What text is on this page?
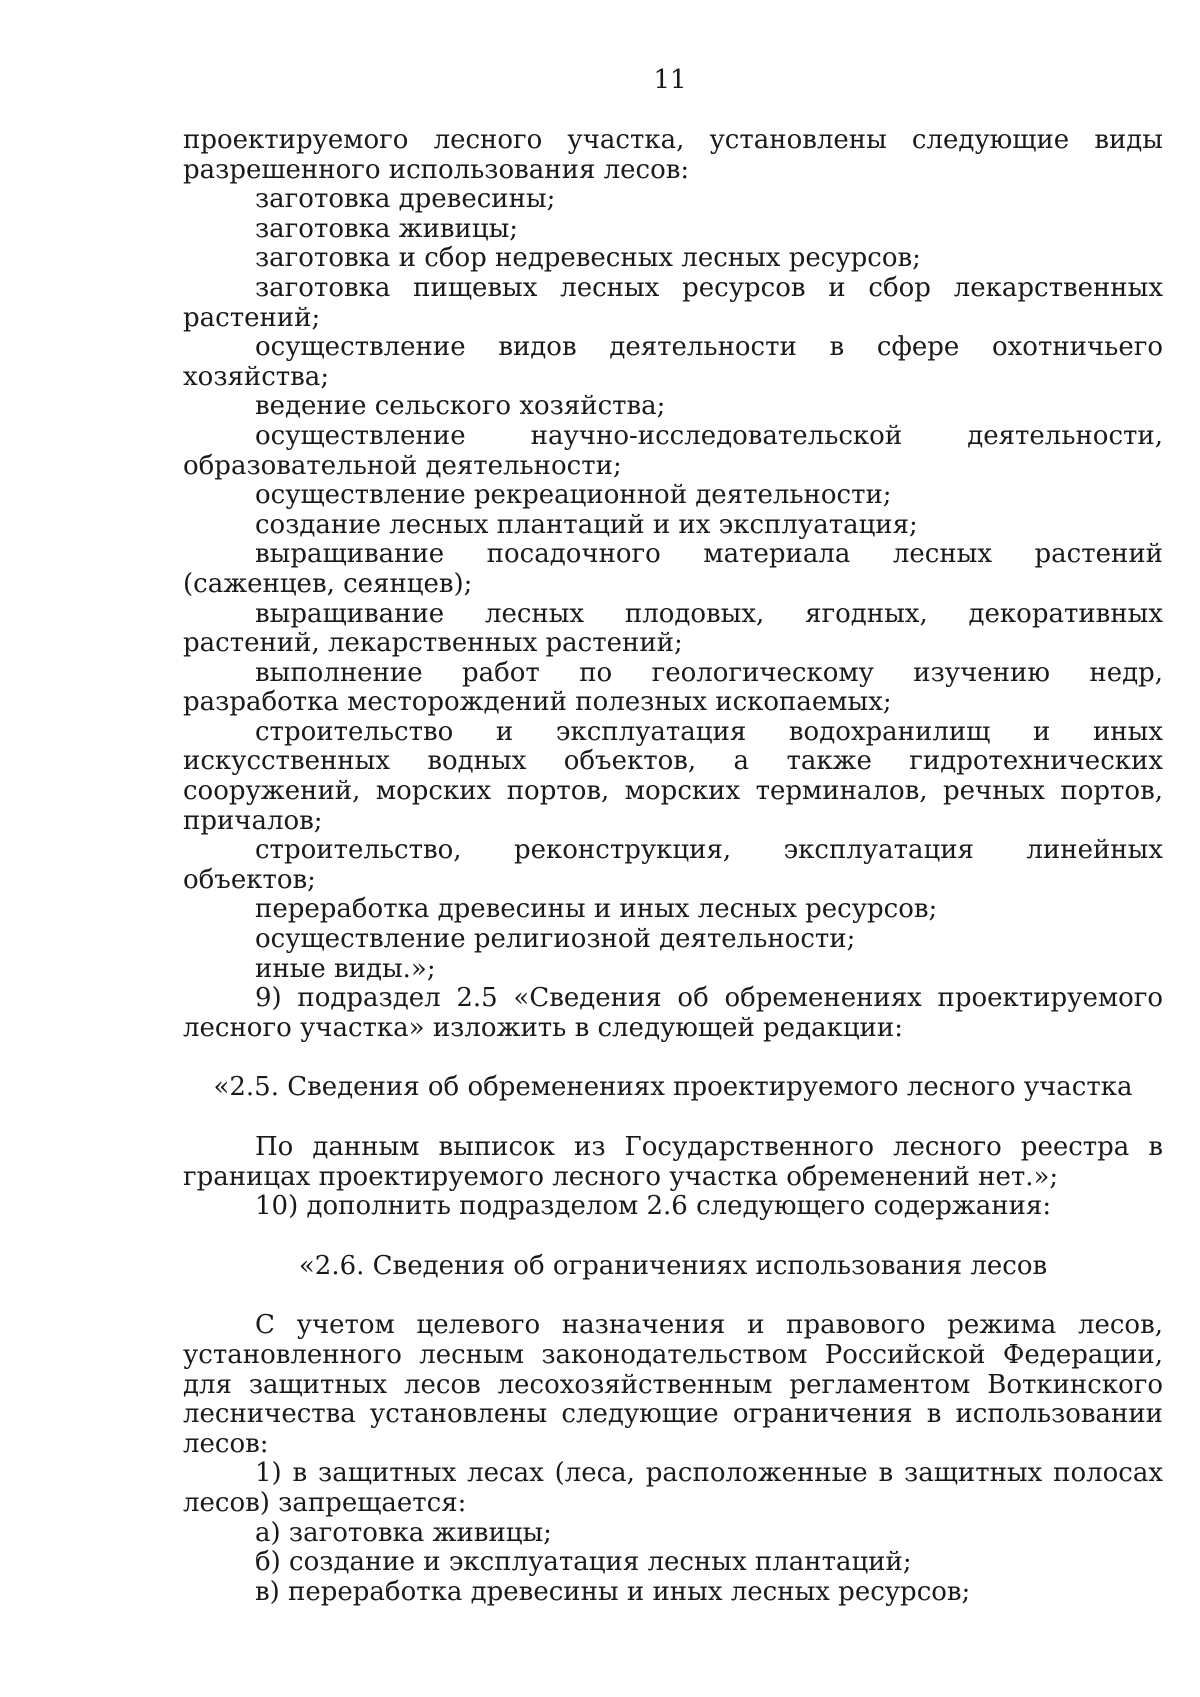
11

проектируемого лесного участка, установлены следующие виды разрешенного использования лесов:

заготовка древесины;

заготовка живицы;

заготовка и сбор недревесных лесных ресурсов;

заготовка пищевых лесных ресурсов и сбор лекарственных растений;

осуществление видов деятельности в сфере охотничьего хозяйства;

ведение сельского хозяйства;

осуществление научно-исследовательской деятельности, образовательной деятельности;

осуществление рекреационной деятельности;

создание лесных плантаций и их эксплуатация;

выращивание посадочного материала лесных растений (саженцев, сеянцев);

выращивание лесных плодовых, ягодных, декоративных растений, лекарственных растений;

выполнение работ по геологическому изучению недр, разработка месторождений полезных ископаемых;

строительство и эксплуатация водохранилищ и иных искусственных водных объектов, а также гидротехнических сооружений, морских портов, морских терминалов, речных портов, причалов;

строительство, реконструкция, эксплуатация линейных объектов;

переработка древесины и иных лесных ресурсов;

осуществление религиозной деятельности;

иные виды.»;

9) подраздел 2.5 «Сведения об обременениях проектируемого лесного участка» изложить в следующей редакции:

«2.5. Сведения об обременениях проектируемого лесного участка

По данным выписок из Государственного лесного реестра в границах проектируемого лесного участка обременений нет.»;

10) дополнить подразделом 2.6 следующего содержания:

«2.6. Сведения об ограничениях использования лесов

С учетом целевого назначения и правового режима лесов, установленного лесным законодательством Российской Федерации, для защитных лесов лесохозяйственным регламентом Воткинского лесничества установлены следующие ограничения в использовании лесов:

1) в защитных лесах (леса, расположенные в защитных полосах лесов) запрещается:

а) заготовка живицы;

б) создание и эксплуатация лесных плантаций;

в) переработка древесины и иных лесных ресурсов;
